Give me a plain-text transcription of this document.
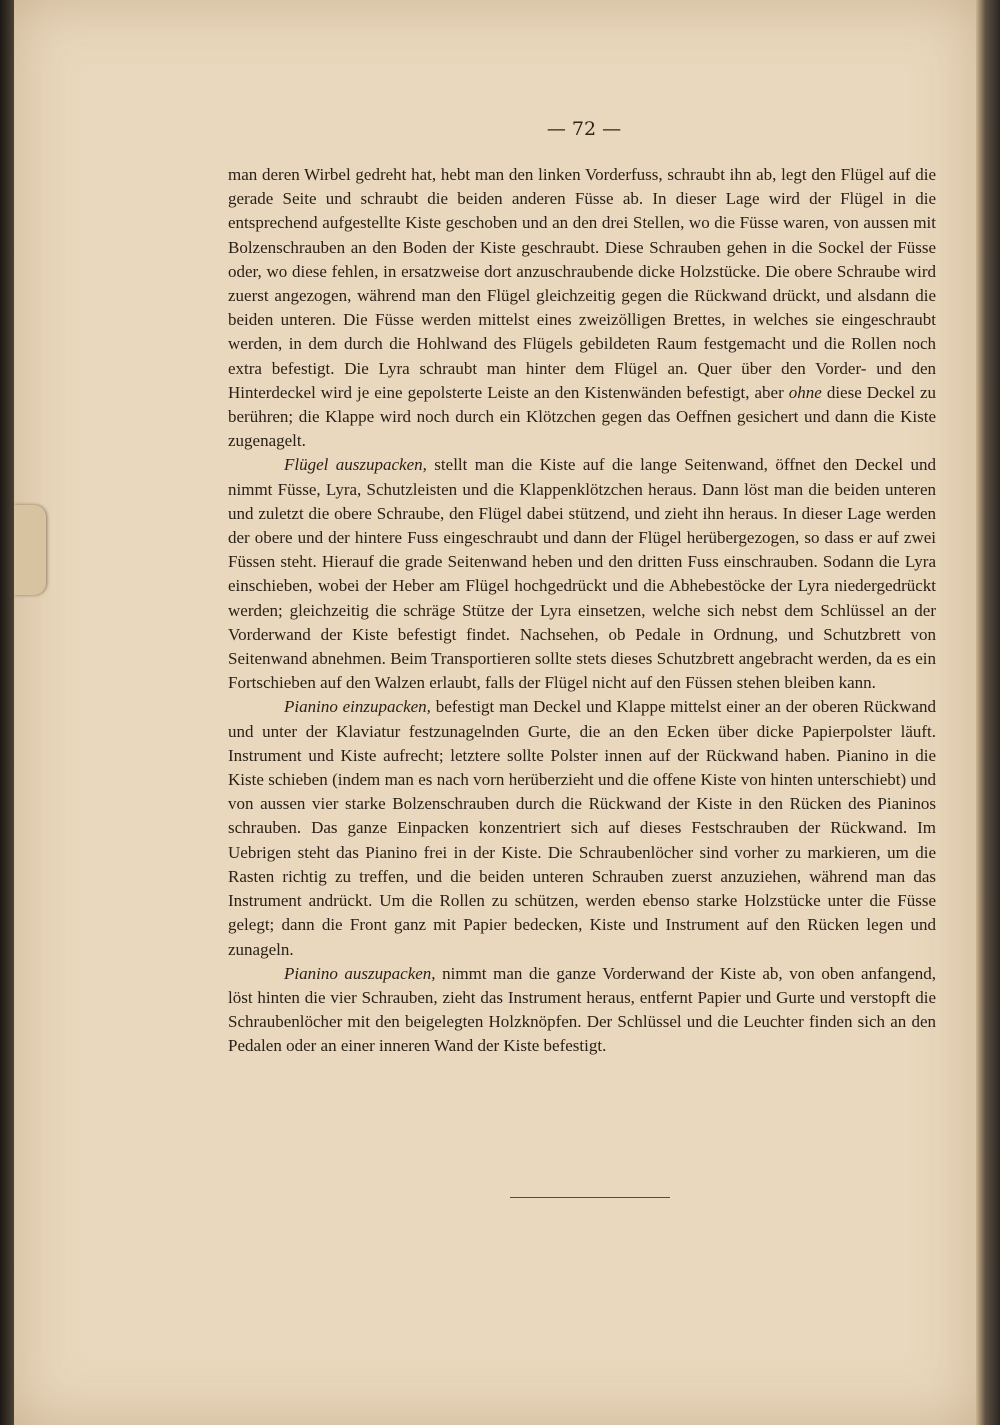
— 72 —

man deren Wirbel gedreht hat, hebt man den linken Vorderfuss, schraubt ihn ab, legt den Flügel auf die gerade Seite und schraubt die beiden anderen Füsse ab. In dieser Lage wird der Flügel in die entsprechend aufgestellte Kiste geschoben und an den drei Stellen, wo die Füsse waren, von aussen mit Bolzenschrauben an den Boden der Kiste geschraubt. Diese Schrauben gehen in die Sockel der Füsse oder, wo diese fehlen, in ersatzweise dort anzuschraubende dicke Holzstücke. Die obere Schraube wird zuerst angezogen, während man den Flügel gleichzeitig gegen die Rückwand drückt, und alsdann die beiden unteren. Die Füsse werden mittelst eines zweizölligen Brettes, in welches sie eingeschraubt werden, in dem durch die Hohlwand des Flügels gebildeten Raum festgemacht und die Rollen noch extra befestigt. Die Lyra schraubt man hinter dem Flügel an. Quer über den Vorder- und den Hinterdeckel wird je eine gepolsterte Leiste an den Kistenwänden befestigt, aber ohne diese Deckel zu berühren; die Klappe wird noch durch ein Klötzchen gegen das Oeffnen gesichert und dann die Kiste zugenagelt.

Flügel auszupacken, stellt man die Kiste auf die lange Seitenwand, öffnet den Deckel und nimmt Füsse, Lyra, Schutzleisten und die Klappenklötzchen heraus. Dann löst man die beiden unteren und zuletzt die obere Schraube, den Flügel dabei stützend, und zieht ihn heraus. In dieser Lage werden der obere und der hintere Fuss eingeschraubt und dann der Flügel herübergezogen, so dass er auf zwei Füssen steht. Hierauf die grade Seitenwand heben und den dritten Fuss einschrauben. Sodann die Lyra einschieben, wobei der Heber am Flügel hochgedrückt und die Abhebestöcke der Lyra niedergedrückt werden; gleichzeitig die schräge Stütze der Lyra einsetzen, welche sich nebst dem Schlüssel an der Vorderwand der Kiste befestigt findet. Nachsehen, ob Pedale in Ordnung, und Schutzbrett von Seitenwand abnehmen. Beim Transportieren sollte stets dieses Schutzbrett angebracht werden, da es ein Fortschieben auf den Walzen erlaubt, falls der Flügel nicht auf den Füssen stehen bleiben kann.

Pianino einzupacken, befestigt man Deckel und Klappe mittelst einer an der oberen Rückwand und unter der Klaviatur festzunagelnden Gurte, die an den Ecken über dicke Papierpolster läuft. Instrument und Kiste aufrecht; letztere sollte Polster innen auf der Rückwand haben. Pianino in die Kiste schieben (indem man es nach vorn herüberzieht und die offene Kiste von hinten unterschiebt) und von aussen vier starke Bolzenschrauben durch die Rückwand der Kiste in den Rücken des Pianinos schrauben. Das ganze Einpacken konzentriert sich auf dieses Festschrauben der Rückwand. Im Uebrigen steht das Pianino frei in der Kiste. Die Schraubenlöcher sind vorher zu markieren, um die Rasten richtig zu treffen, und die beiden unteren Schrauben zuerst anzuziehen, während man das Instrument andrückt. Um die Rollen zu schützen, werden ebenso starke Holzstücke unter die Füsse gelegt; dann die Front ganz mit Papier bedecken, Kiste und Instrument auf den Rücken legen und zunageln.

Pianino auszupacken, nimmt man die ganze Vorderwand der Kiste ab, von oben anfangend, löst hinten die vier Schrauben, zieht das Instrument heraus, entfernt Papier und Gurte und verstopft die Schraubenlöcher mit den beigelegten Holzknöpfen. Der Schlüssel und die Leuchter finden sich an den Pedalen oder an einer inneren Wand der Kiste befestigt.
